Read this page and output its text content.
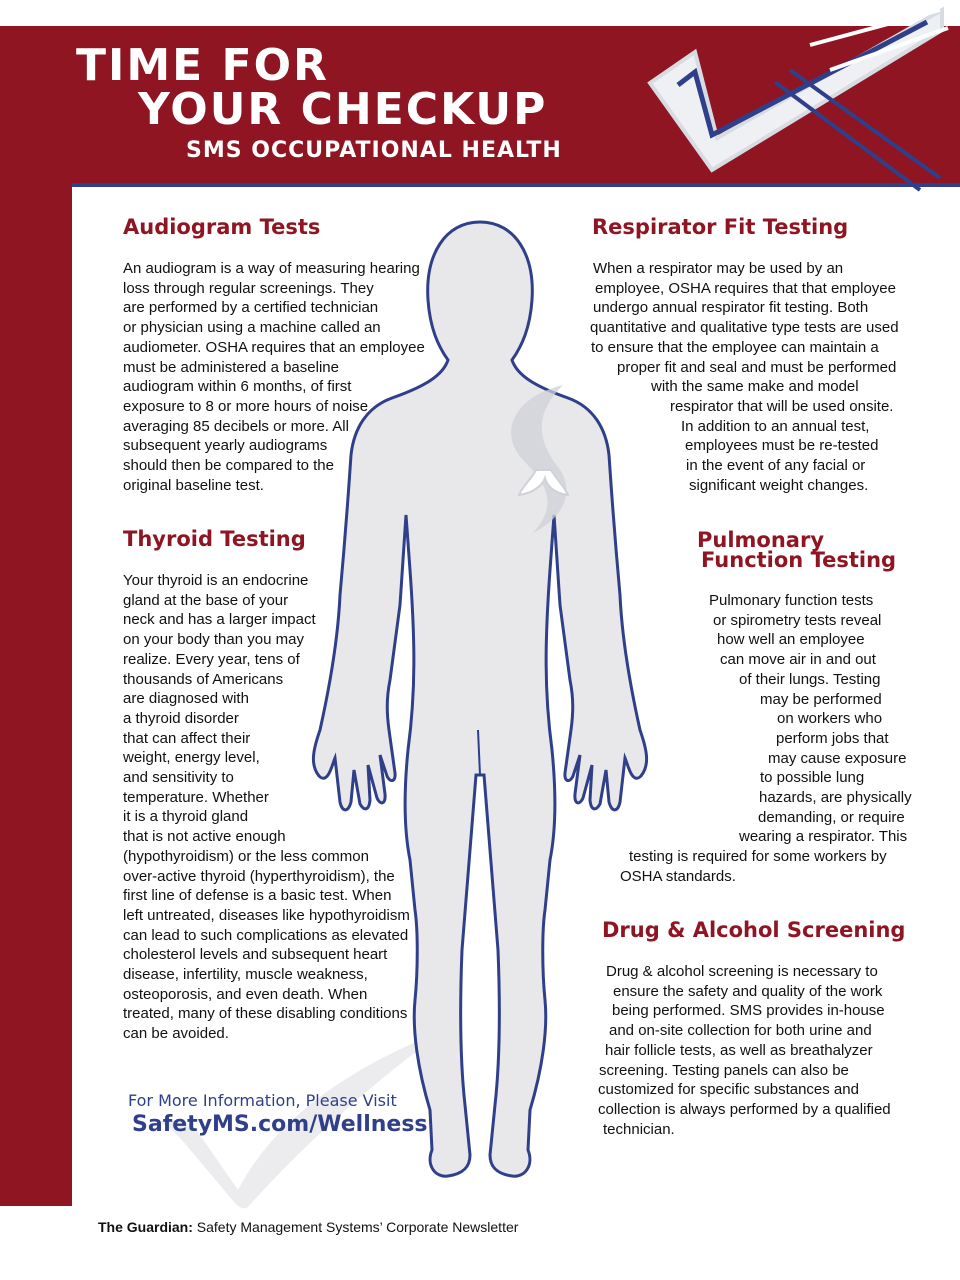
TIME FOR
YOUR CHECKUP
SMS OCCUPATIONAL HEALTH
Audiogram Tests
An audiogram is a way of measuring hearing
loss through regular screenings. They
are performed by a certified technician
or physician using a machine called an
audiometer. OSHA requires that an employee
must be administered a baseline
audiogram within 6 months, of first
exposure to 8 or more hours of noise
averaging 85 decibels or more. All
subsequent yearly audiograms
should then be compared to the
original baseline test.
Respirator Fit Testing
When a respirator may be used by an
employee, OSHA requires that that employee
undergo annual respirator fit testing. Both
quantitative and qualitative type tests are used
to ensure that the employee can maintain a
proper fit and seal and must be performed
with the same make and model
respirator that will be used onsite.
In addition to an annual test,
employees must be re-tested
in the event of any facial or
significant weight changes.
Thyroid Testing
Your thyroid is an endocrine
gland at the base of your
neck and has a larger impact
on your body than you may
realize. Every year, tens of
thousands of Americans
are diagnosed with
a thyroid disorder
that can affect their
weight, energy level,
and sensitivity to
temperature. Whether
it is a thyroid gland
that is not active enough
(hypothyroidism) or the less common
over-active thyroid (hyperthyroidism), the
first line of defense is a basic test. When
left untreated, diseases like hypothyroidism
can lead to such complications as elevated
cholesterol levels and subsequent heart
disease, infertility, muscle weakness,
osteoporosis, and even death. When
treated, many of these disabling conditions
can be avoided.
Pulmonary
Function Testing
Pulmonary function tests
or spirometry tests reveal
how well an employee
can move air in and out
of their lungs. Testing
may be performed
on workers who
perform jobs that
may cause exposure
to possible lung
hazards, are physically
demanding, or require
wearing a respirator. This
testing is required for some workers by
OSHA standards.
Drug & Alcohol Screening
Drug & alcohol screening is necessary to
ensure the safety and quality of the work
being performed. SMS provides in-house
and on-site collection for both urine and
hair follicle tests, as well as breathalyzer
screening. Testing panels can also be
customized for specific substances and
collection is always performed by a qualified
technician.
For More Information, Please Visit
SafetyMS.com/Wellness
8	The Guardian: Safety Management Systems’ Corporate Newsletter
